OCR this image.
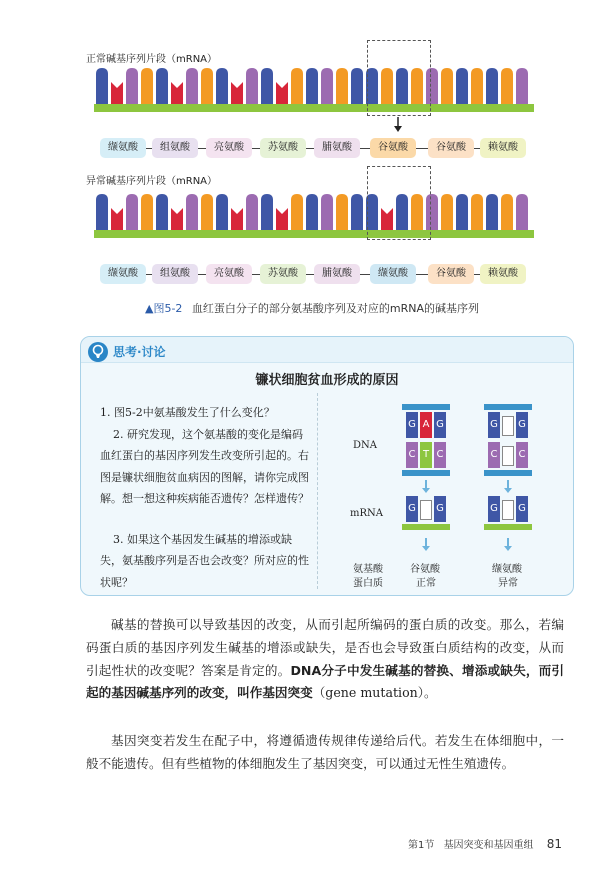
正常碱基序列片段（mRNA）
缬氨酸	组氨酸	亮氨酸	苏氨酸	脯氨酸	谷氨酸	谷氨酸	赖氨酸
异常碱基序列片段（mRNA）
缬氨酸	组氨酸	亮氨酸	苏氨酸	脯氨酸	缬氨酸	谷氨酸	赖氨酸
▲图5-2 血红蛋白分子的部分氨基酸序列及对应的mRNA的碱基序列
思考·讨论
镰状细胞贫血形成的原因
1. 图5-2中氨基酸发生了什么变化？
2. 研究发现，这个氨基酸的变化是编码血红蛋白的基因序列发生改变所引起的。右图是镰状细胞贫血病因的图解，请你完成图解。想一想这种疾病能否遗传？怎样遗传？
3. 如果这个基因发生碱基的增添或缺失，氨基酸序列是否也会改变？所对应的性状呢？
DNA
mRNA
氨基酸
蛋白质
G A G
C T C
G G
谷氨酸
正常
G G
C C
G G
缬氨酸
异常
碱基的替换可以导致基因的改变，从而引起所编码的蛋白质的改变。那么，若编码蛋白质的基因序列发生碱基的增添或缺失，是否也会导致蛋白质结构的改变，从而引起性状的改变呢？答案是肯定的。DNA分子中发生碱基的替换、增添或缺失，而引起的基因碱基序列的改变，叫作基因突变（gene mutation）。
基因突变若发生在配子中，将遵循遗传规律传递给后代。若发生在体细胞中，一般不能遗传。但有些植物的体细胞发生了基因突变，可以通过无性生殖遗传。
第1节 基因突变和基因重组 81
